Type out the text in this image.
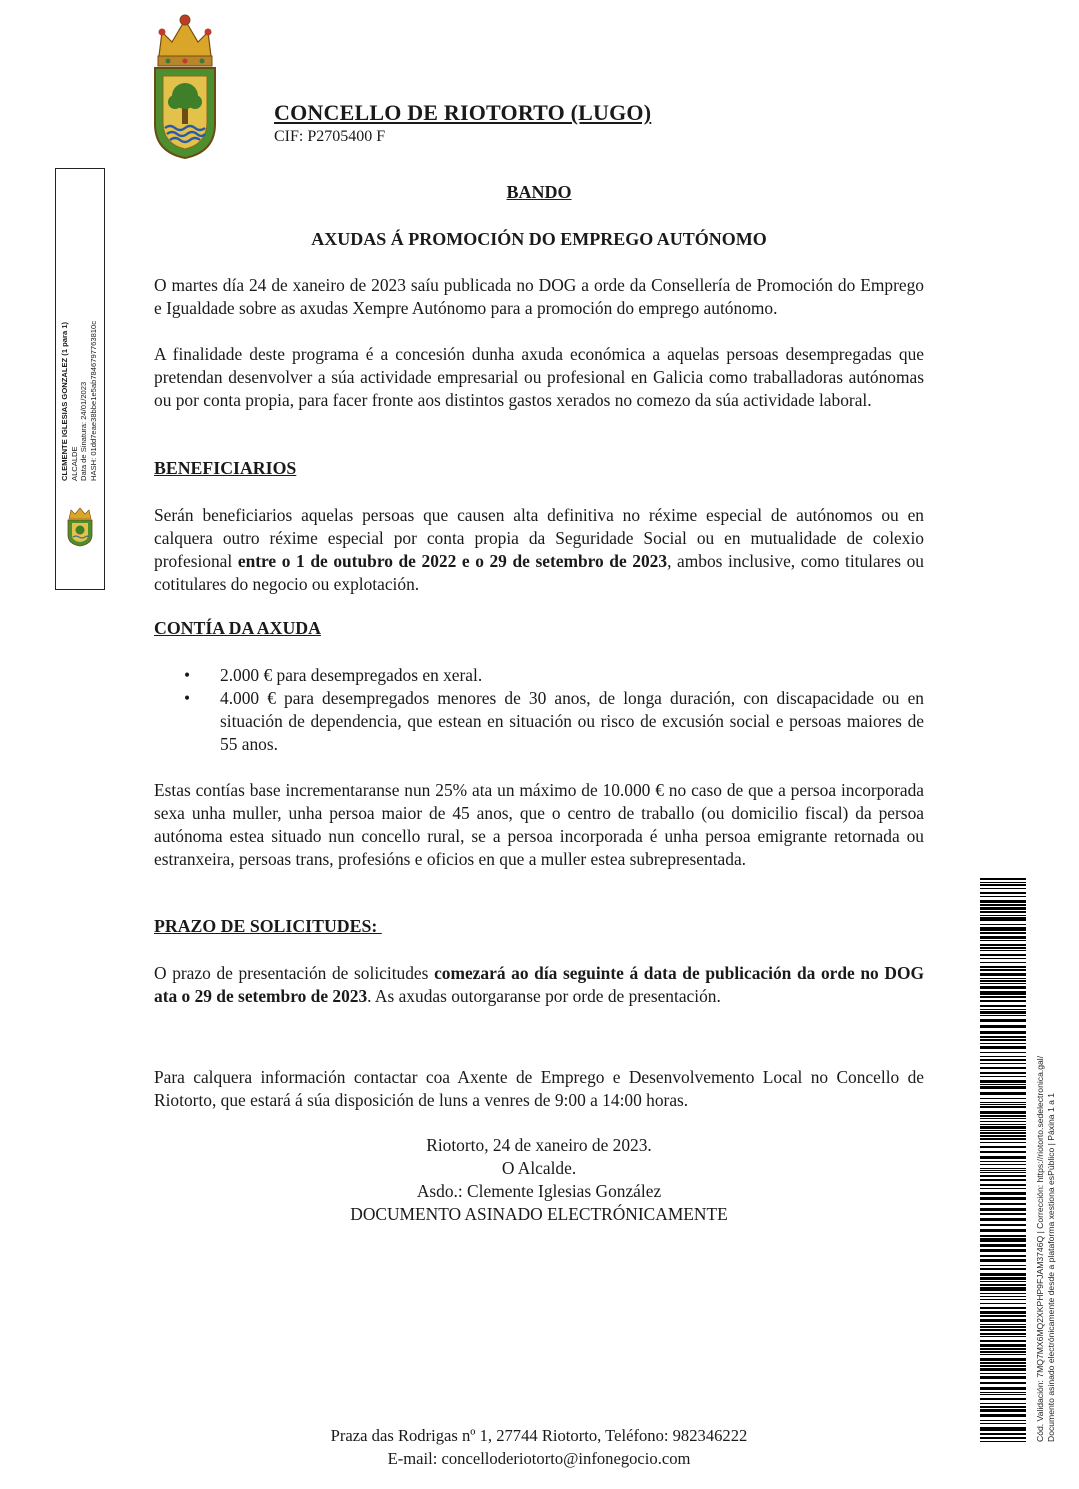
CONCELLO DE RIOTORTO (LUGO)
CIF: P2705400 F
CLEMENTE IGLESIAS GONZALEZ (1 para 1) ALCALDE Data de Sinatura: 24/01/2023 HASH: 01dd7eae38bbe1e5ab7846797763810c
BANDO
AXUDAS Á PROMOCIÓN DO EMPREGO AUTÓNOMO
O martes día 24 de xaneiro de 2023 saíu publicada no DOG a orde da Consellería de Promoción do Emprego e Igualdade sobre as axudas Xempre Autónomo para a promoción do emprego autónomo.
A finalidade deste programa é a concesión dunha axuda económica a aquelas persoas desempregadas que pretendan desenvolver a súa actividade empresarial ou profesional en Galicia como traballadoras autónomas ou por conta propia, para facer fronte aos distintos gastos xerados no comezo da súa actividade laboral.
BENEFICIARIOS
Serán beneficiarios aquelas persoas que causen alta definitiva no réxime especial de autónomos ou en calquera outro réxime especial por conta propia da Seguridade Social ou en mutualidade de colexio profesional entre o 1 de outubro de 2022 e o 29 de setembro de 2023, ambos inclusive, como titulares ou cotitulares do negocio ou explotación.
CONTÍA DA AXUDA
• 2.000 € para desempregados en xeral.
• 4.000 € para desempregados menores de 30 anos, de longa duración, con discapacidade ou en situación de dependencia, que estean en situación ou risco de excusión social e persoas maiores de 55 anos.
Estas contías base incrementaranse nun 25% ata un máximo de 10.000 € no caso de que a persoa incorporada sexa unha muller, unha persoa maior de 45 anos, que o centro de traballo (ou domicilio fiscal) da persoa autónoma estea situado nun concello rural, se a persoa incorporada é unha persoa emigrante retornada ou estranxeira, persoas trans, profesións e oficios en que a muller estea subrepresentada.
PRAZO DE SOLICITUDES:
O prazo de presentación de solicitudes comezará ao día seguinte á data de publicación da orde no DOG ata o 29 de setembro de 2023. As axudas outorgaranse por orde de presentación.
Para calquera información contactar coa Axente de Emprego e Desenvolvemento Local no Concello de Riotorto, que estará á súa disposición de luns a venres de 9:00 a 14:00 horas.
Riotorto, 24 de xaneiro de 2023.
O Alcalde.
Asdo.: Clemente Iglesias González
DOCUMENTO ASINADO ELECTRÓNICAMENTE
Praza das Rodrigas nº 1, 27744 Riotorto, Teléfono: 982346222
E-mail: concelloderiotorto@infonegocio.com
Cód. Validación: 7MQ7MX6MQ2XKPHP9FJAM3746Q | Corrección: https://riotorto.sedelectronica.gal/ Documento asinado electrónicamente desde a plataforma xestiona esPúblico | Páxina 1 a 1
